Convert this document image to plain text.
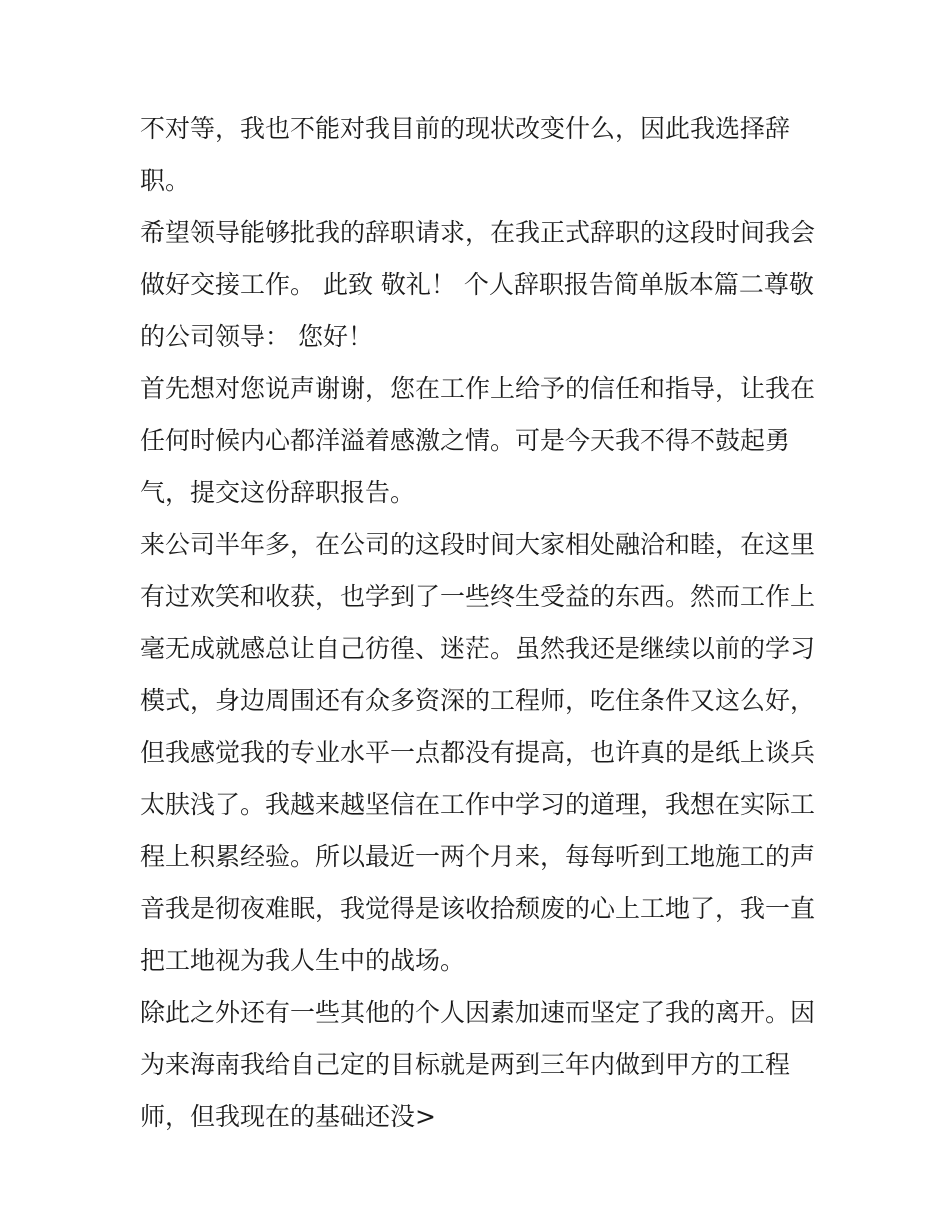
不对等，我也不能对我目前的现状改变什么，因此我选择辞
职。
希望领导能够批我的辞职请求，在我正式辞职的这段时间我会
做好交接工作。 此致 敬礼！ 个人辞职报告简单版本篇二尊敬
的公司领导： 您好！
首先想对您说声谢谢，您在工作上给予的信任和指导，让我在
任何时候内心都洋溢着感激之情。可是今天我不得不鼓起勇
气，提交这份辞职报告。
来公司半年多，在公司的这段时间大家相处融洽和睦，在这里
有过欢笑和收获，也学到了一些终生受益的东西。然而工作上
毫无成就感总让自己彷徨、迷茫。虽然我还是继续以前的学习
模式，身边周围还有众多资深的工程师，吃住条件又这么好，
但我感觉我的专业水平一点都没有提高，也许真的是纸上谈兵
太肤浅了。我越来越坚信在工作中学习的道理，我想在实际工
程上积累经验。所以最近一两个月来，每每听到工地施工的声
音我是彻夜难眠，我觉得是该收拾颓废的心上工地了，我一直
把工地视为我人生中的战场。
除此之外还有一些其他的个人因素加速而坚定了我的离开。因
为来海南我给自己定的目标就是两到三年内做到甲方的工程
师，但我现在的基础还没>
